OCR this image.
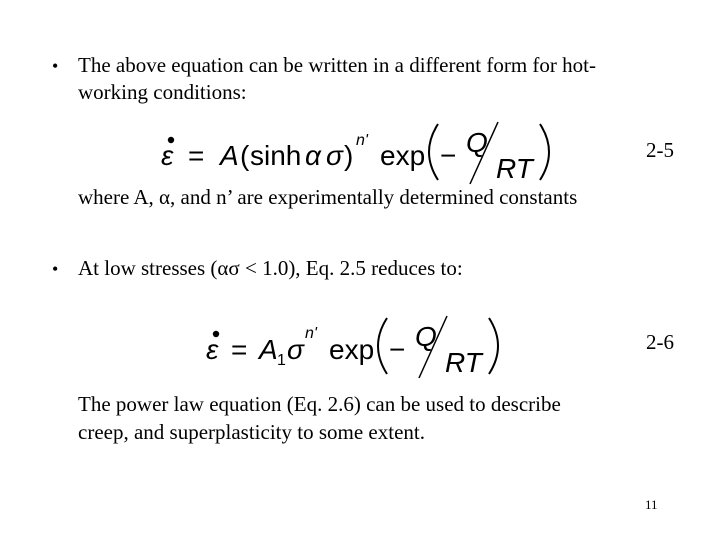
• The above equation can be written in a different form for hot-
working conditions:
ε = A ( sinh α σ ) n' exp − Q
RT
2-5
where A, α, and n’ are experimentally determined constants
• At low stresses (ασ < 1.0), Eq. 2.5 reduces to:
ε = A 1 σ
n'
exp − Q
RT
2-6
The power law equation (Eq. 2.6) can be used to describe
creep, and superplasticity to some extent.
11
